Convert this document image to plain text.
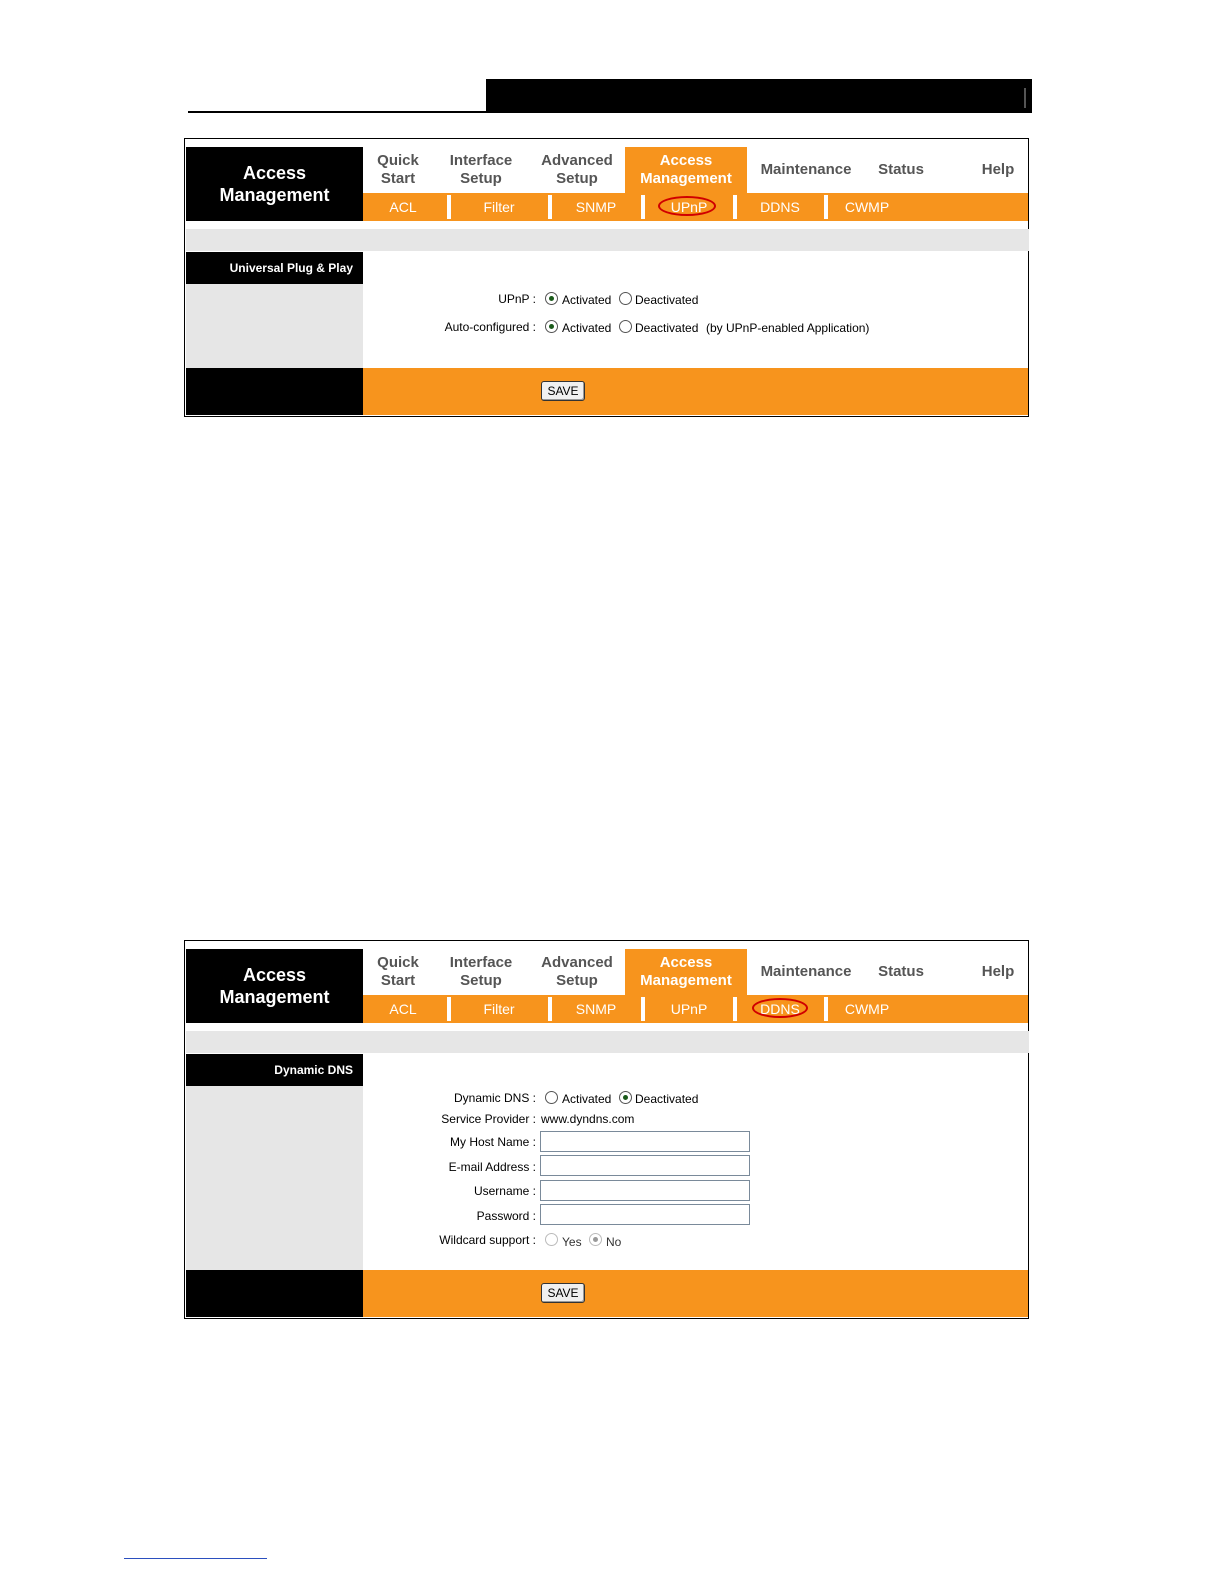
Access
Management
Quick
Start
Interface
Setup
Advanced
Setup
Access
Management
Maintenance Status	Help
ACL	Filter	SNMP	UPnP	DDNS	CWMP
Universal Plug & Play
UPnP : Activated Deactivated
Auto-configured : Activated Deactivated (by UPnP-enabled Application)
SAVE
Access
Management
Quick
Start
Interface
Setup
Advanced
Setup
Access
Management
Maintenance Status	Help
ACL	Filter	SNMP	UPnP	DDNS	CWMP
Dynamic DNS
Dynamic DNS : Activated Deactivated
Service Provider : www.dyndns.com
My Host Name :
E-mail Address :
Username :
Password :
Wildcard support : Yes No
SAVE
